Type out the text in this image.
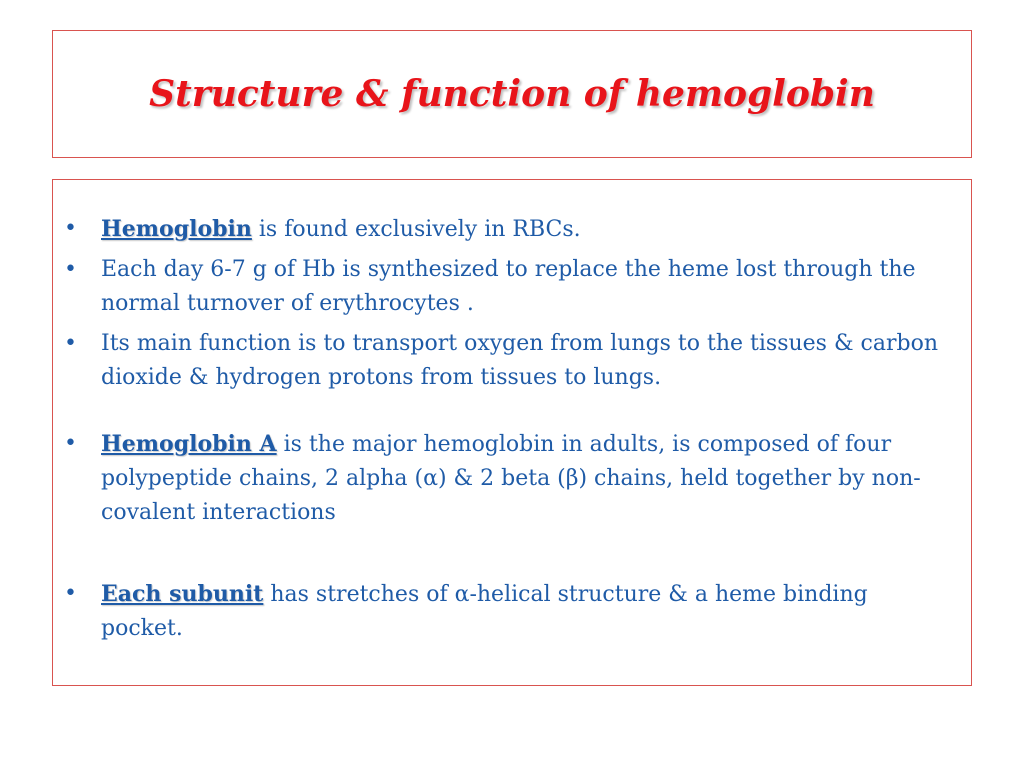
Structure & function of hemoglobin
• Hemoglobin is found exclusively in RBCs.
• Each day 6-7 g of Hb is synthesized to replace the heme lost through the normal turnover of erythrocytes .
• Its main function is to transport oxygen from lungs to the tissues & carbon dioxide & hydrogen protons from tissues to lungs.
• Hemoglobin A is the major hemoglobin in adults, is composed of four polypeptide chains, 2 alpha (α) & 2 beta (β) chains, held together by non-covalent interactions
• Each subunit has stretches of α-helical structure & a heme binding pocket.
